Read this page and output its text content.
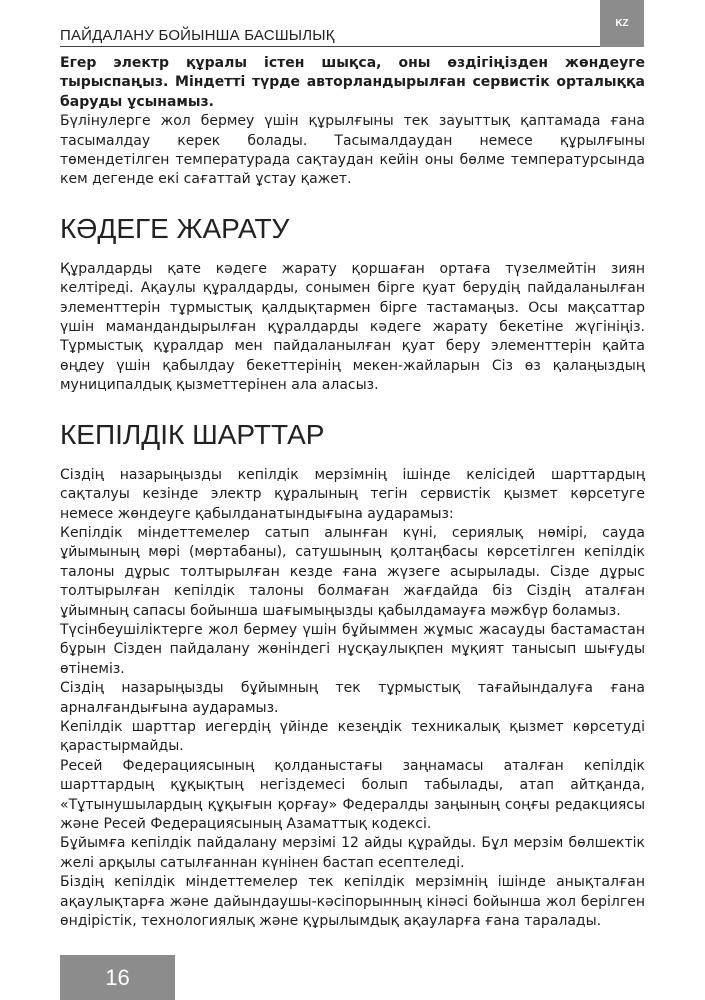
ПАЙДАЛАНУ БОЙЫНША БАСШЫЛЫҚ
KZ

Егер электр құралы істен шықса, оны өздігіңізден жөндеуге тырыспаңыз. Міндетті түрде авторландырылған сервистік орталыққа баруды ұсынамыз.

Бүлінулерге жол бермеу үшін құрылғыны тек зауыттық қаптамада ғана тасымалдау керек болады. Тасымалдаудан немесе құрылғыны төмендетілген температурада сақтаудан кейін оны бөлме температурсында кем дегенде екі сағаттай ұстау қажет.

КӘДЕГЕ ЖАРАТУ

Құралдарды қате кәдеге жарату қоршаған ортаға түзелмейтін зиян келтіреді. Ақаулы құралдарды, сонымен бірге қуат берудің пайдаланылған элементтерін тұрмыстық қалдықтармен бірге тастамаңыз. Осы мақсаттар үшін мамандандырылған құралдарды кәдеге жарату бекетіне жүгініңіз. Тұрмыстық құралдар мен пайдаланылған қуат беру элементтерін қайта өңдеу үшін қабылдау бекеттерінің мекен-жайларын Сіз өз қалаңыздың муниципалдық қызметтерінен ала аласыз.

КЕПІЛДІК ШАРТТАР

Сіздің назарыңызды кепілдік мерзімнің ішінде келісідей шарттардың сақталуы кезінде электр құралының тегін сервистік қызмет көрсетуге немесе жөндеуге қабылданатындығына аударамыз:

Кепілдік міндеттемелер сатып алынған күні, сериялық нөмірі, сауда ұйымының мөрі (мөртабаны), сатушының қолтаңбасы көрсетілген кепілдік талоны дұрыс толтырылған кезде ғана жүзеге асырылады. Сізде дұрыс толтырылған кепілдік талоны болмаған жағдайда біз Сіздің аталған ұйымның сапасы бойынша шағымыңызды қабылдамауға мәжбүр боламыз.

Түсінбеушіліктерге жол бермеу үшін бұйыммен жұмыс жасауды бастамастан бұрын Сізден пайдалану жөніндегі нұсқаулықпен мұқият танысып шығуды өтінеміз.

Сіздің назарыңызды бұйымның тек тұрмыстық тағайындалуға ғана арналғандығына аударамыз.

Кепілдік шарттар иегердің үйінде кезеңдік техникалық қызмет көрсетуді қарастырмайды.

Ресей Федерациясының қолданыстағы заңнамасы аталған кепілдік шарттардың құқықтың негіздемесі болып табылады, атап айтқанда, «Тұтынушылардың құқығын қорғау» Федералды заңының соңғы редакциясы және Ресей Федерациясының Азаматтық кодексі.

Бұйымға кепілдік пайдалану мерзімі 12 айды құрайды. Бұл мерзім бөлшектік желі арқылы сатылғаннан күнінен бастап есептеледі.

Біздің кепілдік міндеттемелер тек кепілдік мерзімнің ішінде анықталған ақаулықтарға және дайындаушы-кәсіпорынның кінәсі бойынша жол берілген өндірістік, технологиялық және құрылымдық ақауларға ғана таралады.

16
